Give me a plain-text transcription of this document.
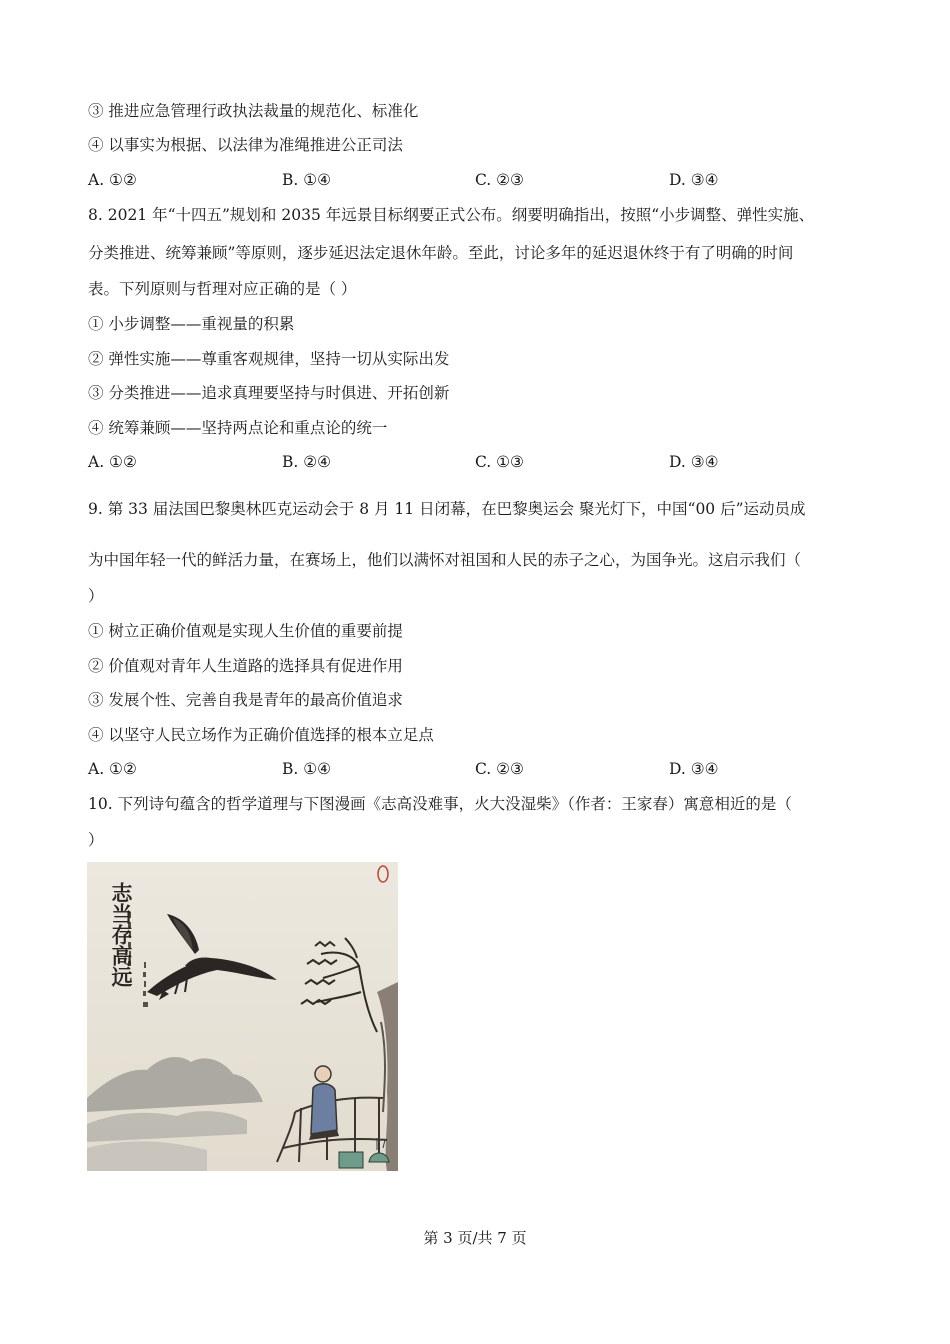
③ 推进应急管理行政执法裁量的规范化、标准化
④ 以事实为根据、以法律为准绳推进公正司法
A. ①②	B. ①④	C. ②③	D. ③④
8. 2021 年“十四五”规划和 2035 年远景目标纲要正式公布。纲要明确指出，按照“小步调整、弹性实施、
分类推进、统筹兼顾”等原则，逐步延迟法定退休年龄。至此，讨论多年的延迟退休终于有了明确的时间
表。下列原则与哲理对应正确的是（ ）
① 小步调整——重视量的积累
② 弹性实施——尊重客观规律，坚持一切从实际出发
③ 分类推进——追求真理要坚持与时俱进、开拓创新
④ 统筹兼顾——坚持两点论和重点论的统一
A. ①②	B. ②④	C. ①③	D. ③④
9. 第 33 届法国巴黎奥林匹克运动会于 8 月 11 日闭幕，在巴黎奥运会 聚光灯下，中国“00 后”运动员成
为中国年轻一代的鲜活力量，在赛场上，他们以满怀对祖国和人民的赤子之心，为国争光。这启示我们（
）
① 树立正确价值观是实现人生价值的重要前提
② 价值观对青年人生道路的选择具有促进作用
③ 发展个性、完善自我是青年的最高价值追求
④ 以坚守人民立场作为正确价值选择的根本立足点
A. ①②	B. ①④	C. ②③	D. ③④
10. 下列诗句蕴含的哲学道理与下图漫画《志高没难事，火大没湿柴》（作者：王家春）寓意相近的是（
）
志当存高远
第 3 页/共 7 页
